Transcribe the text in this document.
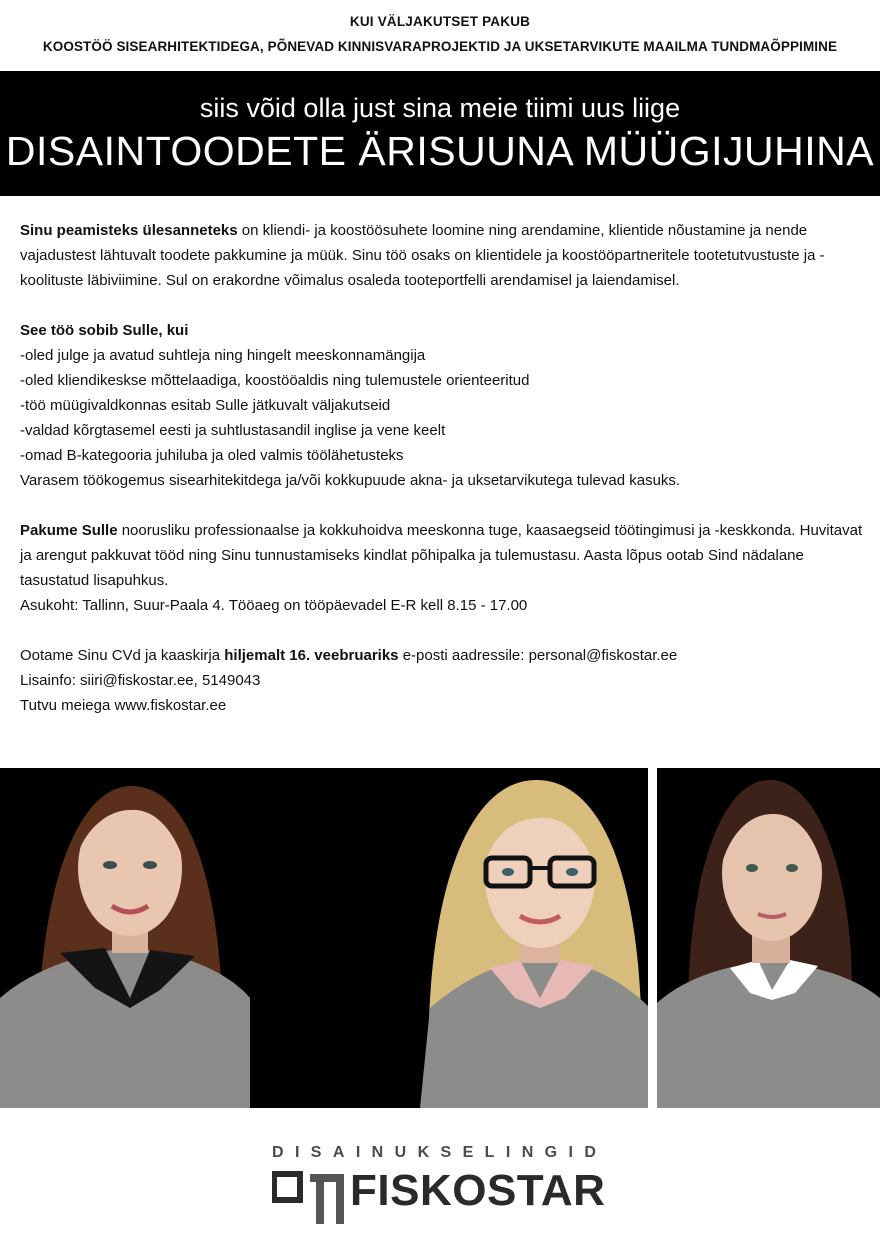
KUI VÄLJAKUTSET PAKUB
KOOSTÖÖ SISEARHITEKTIDEGA, PÕNEVAD KINNISVARAPROJEKTID JA UKSETARVIKUTE MAAILMA TUNDMAÕPPIMINE
siis võid olla just sina meie tiimi uus liige
DISAINTOODETE ÄRISUUNA MÜÜGIJUHINA

Sinu peamisteks ülesanneteks on kliendi- ja koostöösuhete loomine ning arendamine, klientide nõustamine ja nende vajadustest lähtuvalt toodete pakkumine ja müük. Sinu töö osaks on klientidele ja koostööpartneritele tootetutvustuste ja -koolituste läbiviimine. Sul on erakordne võimalus osaleda tooteportfelli arendamisel ja laiendamisel.

See töö sobib Sulle, kui
-oled julge ja avatud suhtleja ning hingelt meeskonnamängija
-oled kliendikeskse mõttelaadiga, koostööaldis ning tulemustele orienteeritud
-töö müügivaldkonnas esitab Sulle jätkuvalt väljakutseid
-valdad kõrgtasemel eesti ja suhtlustasandil inglise ja vene keelt
-omad B-kategooria juhiluba ja oled valmis töölähetusteks
Varasem töökogemus sisearhitekitdega ja/või kokkupuude akna- ja uksetarvikutega tulevad kasuks.

Pakume Sulle noorusliku professionaalse ja kokkuhoidva meeskonna tuge, kaasaegseid töötingimusi ja -keskkonda. Huvitavat ja arengut pakkuvat tööd ning Sinu tunnustamiseks kindlat põhipalka ja tulemustasu. Aasta lõpus ootab Sind nädalane tasustatud lisapuhkus.
Asukoht: Tallinn, Suur-Paala 4. Tööaeg on tööpäevadel E-R kell 8.15 - 17.00

Ootame Sinu CVd ja kaaskirja hiljemalt 16. veebruariks e-posti aadressile: personal@fiskostar.ee
Lisainfo: siiri@fiskostar.ee, 5149043
Tutvu meiega www.fiskostar.ee

DISAINUKSELINGID
FISKOSTAR
